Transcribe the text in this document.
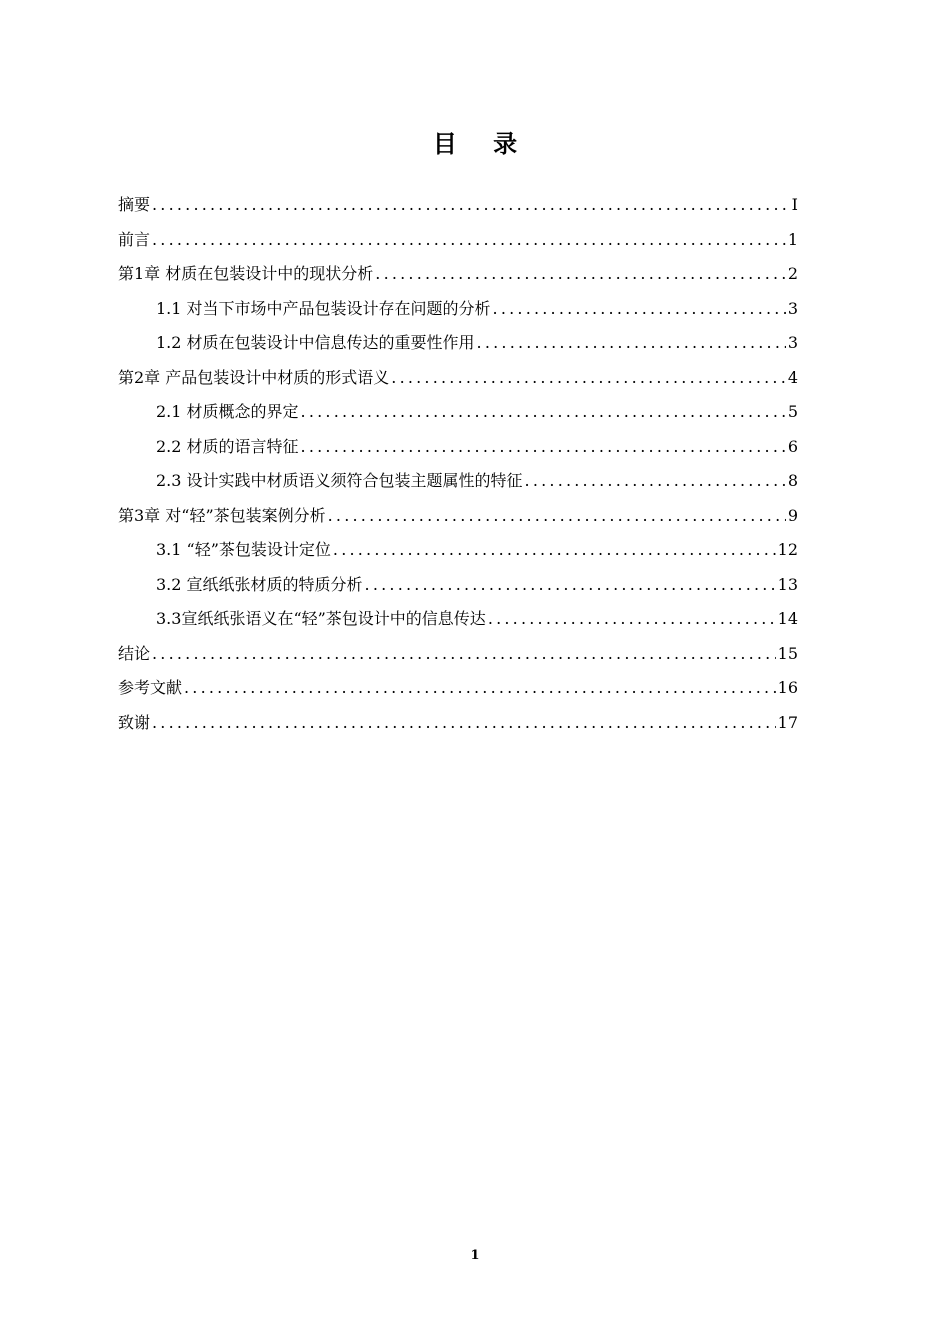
目 录
摘要 .....	I
前言 .....	1
第1章 材质在包装设计中的现状分析 .....	2
1.1 对当下市场中产品包装设计存在问题的分析 .....	3
1.2 材质在包装设计中信息传达的重要性作用 .....	3
第2章 产品包装设计中材质的形式语义 .....	4
2.1 材质概念的界定 .....	5
2.2 材质的语言特征 .....	6
2.3 设计实践中材质语义须符合包装主题属性的特征 .....	8
第3章 对“轻”茶包装案例分析 .....	9
3.1 “轻”茶包装设计定位 .....	12
3.2 宣纸纸张材质的特质分析 .....	13
3.3宣纸纸张语义在“轻”茶包设计中的信息传达 .....	14
结论 .....	15
参考文献 .....	16
致谢 .....	17
1
